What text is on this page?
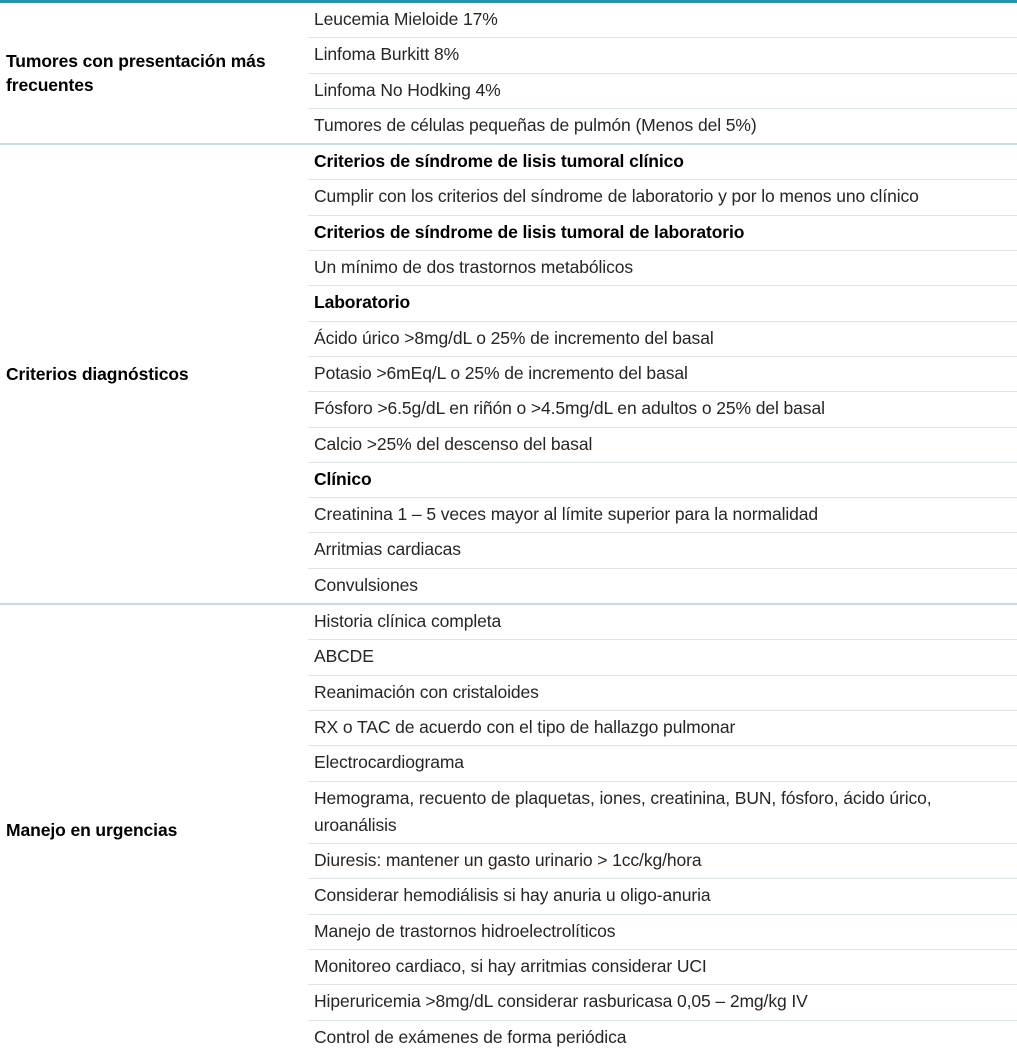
Tumores con presentación más frecuentes
Leucemia Mieloide 17%
Linfoma Burkitt 8%
Linfoma No Hodking 4%
Tumores de células pequeñas de pulmón (Menos del 5%)
Criterios diagnósticos
Criterios de síndrome de lisis tumoral clínico
Cumplir con los criterios del síndrome de laboratorio y por lo menos uno clínico
Criterios de síndrome de lisis tumoral de laboratorio
Un mínimo de dos trastornos metabólicos
Laboratorio
Ácido úrico >8mg/dL o 25% de incremento del basal
Potasio >6mEq/L o 25% de incremento del basal
Fósforo >6.5g/dL en riñón o >4.5mg/dL en adultos o 25% del basal
Calcio >25% del descenso del basal
Clínico
Creatinina 1 – 5 veces mayor al límite superior para la normalidad
Arritmias cardiacas
Convulsiones
Manejo en urgencias
Historia clínica completa
ABCDE
Reanimación con cristaloides
RX o TAC de acuerdo con el tipo de hallazgo pulmonar
Electrocardiograma
Hemograma, recuento de plaquetas, iones, creatinina, BUN, fósforo, ácido úrico, uroanálisis
Diuresis: mantener un gasto urinario > 1cc/kg/hora
Considerar hemodiálisis si hay anuria u oligo-anuria
Manejo de trastornos hidroelectrolíticos
Monitoreo cardiaco, si hay arritmias considerar UCI
Hiperuricemia >8mg/dL considerar rasburicasa 0,05 – 2mg/kg IV
Control de exámenes de forma periódica
